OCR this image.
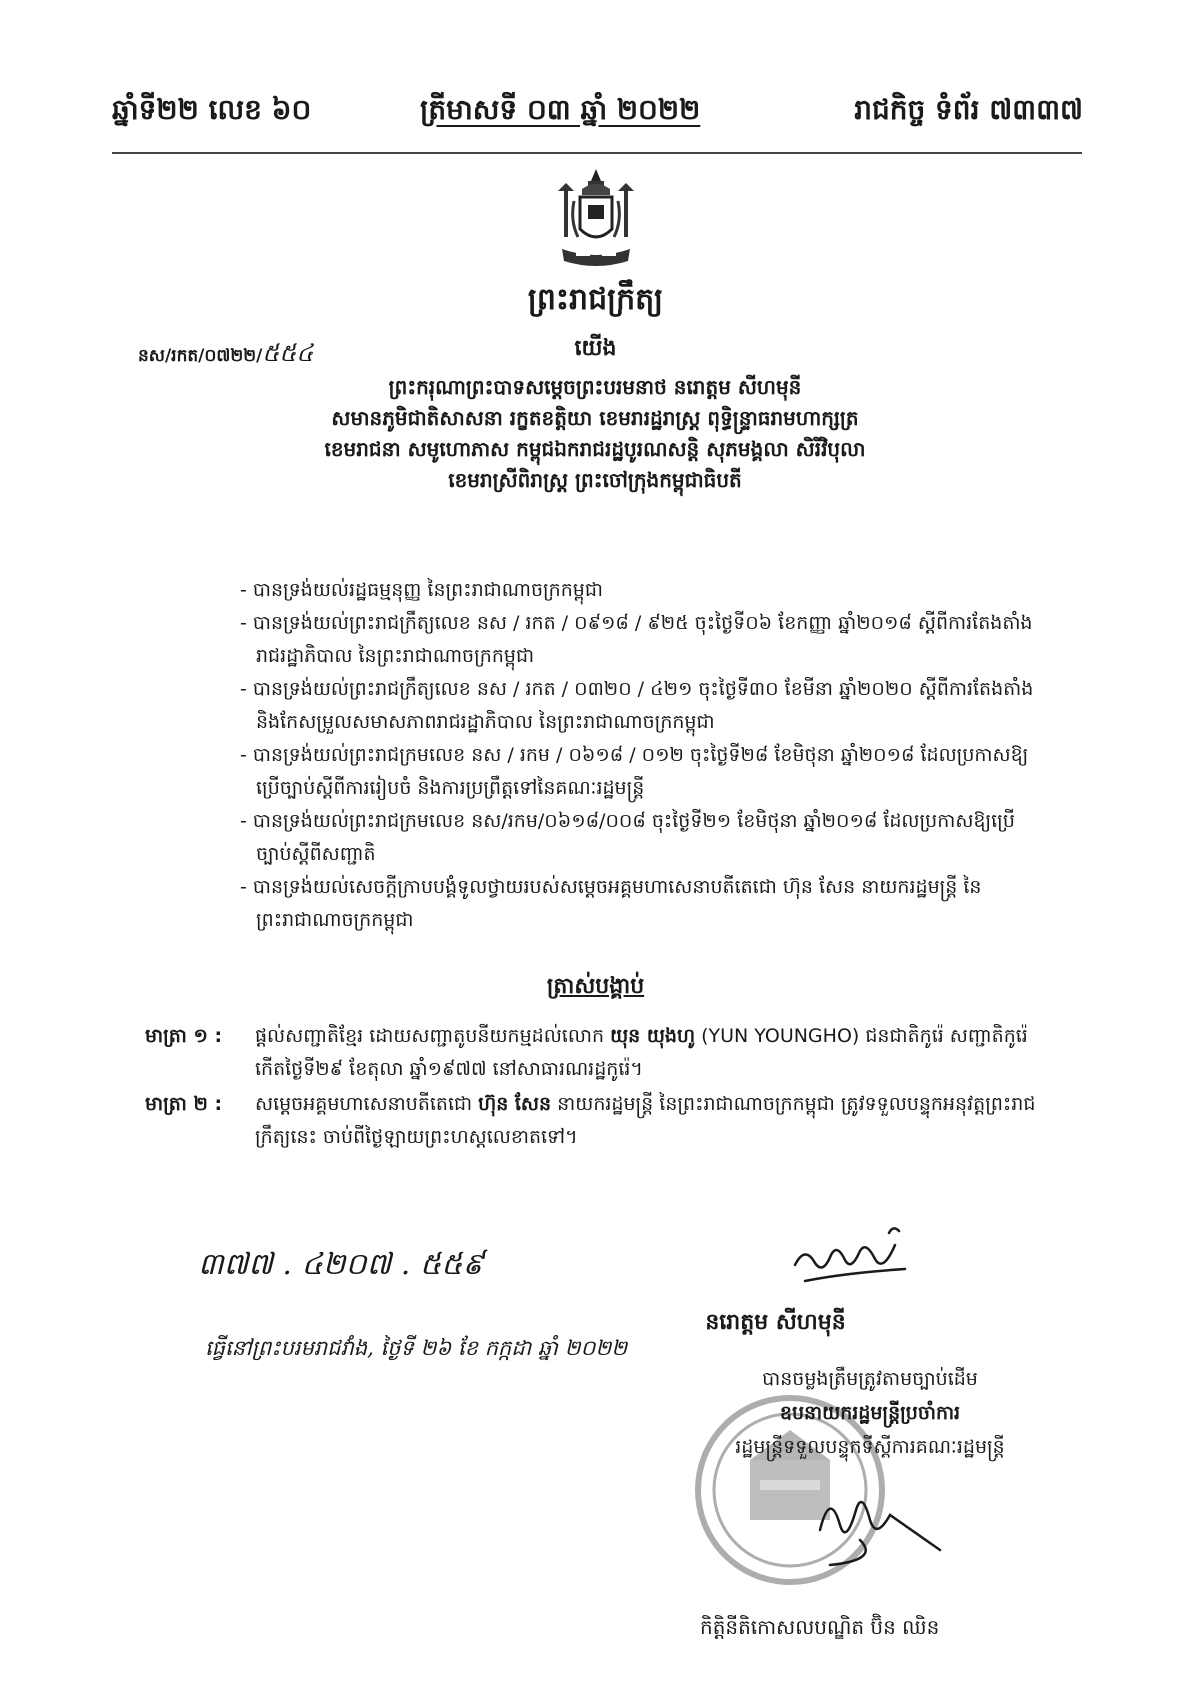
ឆ្នាំទី២២ លេខ ៦០	ត្រីមាសទី ០៣ ឆ្នាំ ២០២២	រាជកិច្ច ទំព័រ ៧៣៣៧
ព្រះរាជក្រឹត្យ
នស/រកត/០៧២២/៥៥៤	យើង
ព្រះករុណាព្រះបាទសម្តេចព្រះបរមនាថ នរោត្តម សីហមុនី
សមានភូមិជាតិសាសនា រក្ខតខត្តិយា ខេមរារដ្ឋរាស្ត្រ ពុទ្ធិន្ទ្រាធរាមហាក្សត្រ
ខេមរាជនា សមូហោភាស កម្ពុជឯករាជរដ្ឋបូរណសន្តិ សុភមង្គលា សិរីវិបុលា
ខេមរាស្រីពិរាស្ត្រ ព្រះចៅក្រុងកម្ពុជាធិបតី

- បានទ្រង់យល់រដ្ឋធម្មនុញ្ញ នៃព្រះរាជាណាចក្រកម្ពុជា

- បានទ្រង់យល់ព្រះរាជក្រឹត្យលេខ នស / រកត / ០៩១៨ / ៩២៥ ចុះថ្ងៃទី០៦ ខែកញ្ញា ឆ្នាំ២០១៨ ស្តីពីការតែងតាំងរាជរដ្ឋាភិបាល នៃព្រះរាជាណាចក្រកម្ពុជា

- បានទ្រង់យល់ព្រះរាជក្រឹត្យលេខ នស / រកត / ០៣២០ / ៤២១ ចុះថ្ងៃទី៣០ ខែមីនា ឆ្នាំ២០២០ ស្តីពីការតែងតាំងនិងកែសម្រួលសមាសភាពរាជរដ្ឋាភិបាល នៃព្រះរាជាណាចក្រកម្ពុជា

- បានទ្រង់យល់ព្រះរាជក្រមលេខ នស / រកម / ០៦១៨ / ០១២ ចុះថ្ងៃទី២៨ ខែមិថុនា ឆ្នាំ២០១៨ ដែលប្រកាសឱ្យប្រើច្បាប់ស្តីពីការរៀបចំ និងការប្រព្រឹត្តទៅនៃគណៈរដ្ឋមន្ត្រី

- បានទ្រង់យល់ព្រះរាជក្រមលេខ នស/រកម/០៦១៨/០០៨ ចុះថ្ងៃទី២១ ខែមិថុនា ឆ្នាំ២០១៨ ដែលប្រកាសឱ្យប្រើច្បាប់ស្តីពីសញ្ជាតិ

- បានទ្រង់យល់សេចក្តីក្រាបបង្គំទូលថ្វាយរបស់សម្តេចអគ្គមហាសេនាបតីតេជោ ហ៊ុន សែន នាយករដ្ឋមន្ត្រី នៃព្រះរាជាណាចក្រកម្ពុជា

ត្រាស់បង្គាប់
មាត្រា ១ : ផ្តល់សញ្ជាតិខ្មែរ ដោយសញ្ជាតូបនីយកម្មដល់លោក យុន យុងហូ (YUN YOUNGHO) ជនជាតិកូរ៉េ សញ្ជាតិកូរ៉េ កើតថ្ងៃទី២៩ ខែតុលា ឆ្នាំ១៩៧៧ នៅសាធារណរដ្ឋកូរ៉េ។
មាត្រា ២ : សម្តេចអគ្គមហាសេនាបតីតេជោ ហ៊ុន សែន នាយករដ្ឋមន្ត្រី នៃព្រះរាជាណាចក្រកម្ពុជា ត្រូវទទួលបន្ទុកអនុវត្តព្រះរាជក្រឹត្យនេះ ចាប់ពីថ្ងៃឡាយព្រះហស្តលេខាតទៅ។
៣៧៧ . ៤២០៧ . ៥៥៩
ធ្វើនៅព្រះបរមរាជវាំង, ថ្ងៃទី ២៦ ខែ កក្កដា ឆ្នាំ ២០២២
នរោត្តម សីហមុនី
បានចម្លងត្រឹមត្រូវតាមច្បាប់ដើម
ឧបនាយករដ្ឋមន្ត្រីប្រចាំការ
រដ្ឋមន្ត្រីទទួលបន្ទុកទីស្តីការគណៈរដ្ឋមន្ត្រី
កិត្តិនីតិកោសលបណ្ឌិត ប៊ិន ឈិន
